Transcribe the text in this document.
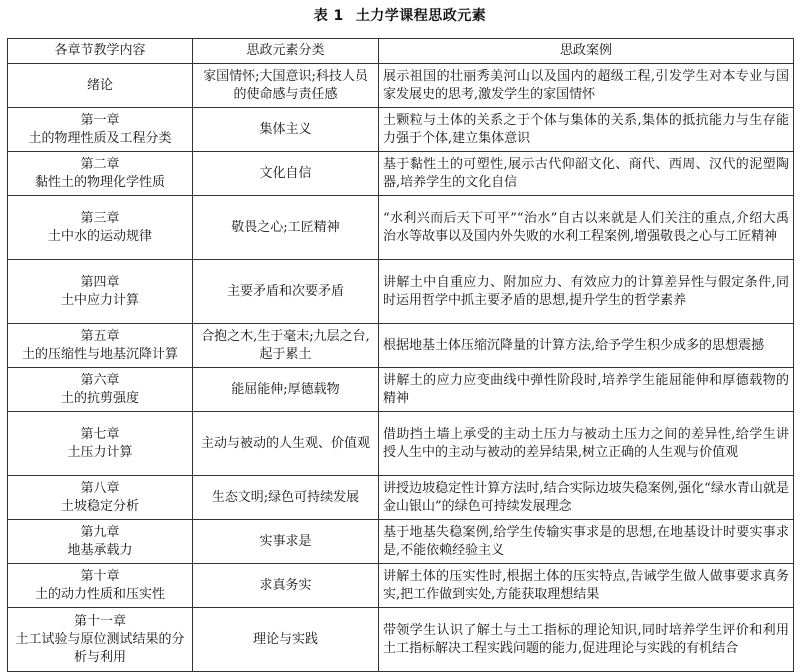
表 1 土力学课程思政元素
各章节教学内容	思政元素分类	思政案例

绪论	家国情怀;大国意识;科技人员的使命感与责任感	展示祖国的壮丽秀美河山以及国内的超级工程,引发学生对本专业与国家发展史的思考,激发学生的家国情怀

第一章
土的物理性质及工程分类	集体主义	土颗粒与土体的关系之于个体与集体的关系,集体的抵抗能力与生存能力强于个体,建立集体意识

第二章
黏性土的物理化学性质	文化自信	基于黏性土的可塑性,展示古代仰韶文化、商代、西周、汉代的泥塑陶器,培养学生的文化自信

第三章
土中水的运动规律	敬畏之心;工匠精神	“水利兴而后天下可平”“治水”自古以来就是人们关注的重点,介绍大禹治水等故事以及国内外失败的水利工程案例,增强敬畏之心与工匠精神

第四章
土中应力计算	主要矛盾和次要矛盾	讲解土中自重应力、附加应力、有效应力的计算差异性与假定条件,同时运用哲学中抓主要矛盾的思想,提升学生的哲学素养

第五章
土的压缩性与地基沉降计算	合抱之木,生于毫末;九层之台,起于累土	根据地基土体压缩沉降量的计算方法,给予学生积少成多的思想震撼

第六章
土的抗剪强度	能屈能伸;厚德载物	讲解土的应力应变曲线中弹性阶段时,培养学生能屈能伸和厚德载物的精神

第七章
土压力计算	主动与被动的人生观、价值观	借助挡土墙上承受的主动土压力与被动土压力之间的差异性,给学生讲授人生中的主动与被动的差异结果,树立正确的人生观与价值观

第八章
土坡稳定分析	生态文明;绿色可持续发展	讲授边坡稳定性计算方法时,结合实际边坡失稳案例,强化“绿水青山就是金山银山”的绿色可持续发展理念

第九章
地基承载力	实事求是	基于地基失稳案例,给学生传输实事求是的思想,在地基设计时要实事求是,不能依赖经验主义

第十章
土的动力性质和压实性	求真务实	讲解土体的压实性时,根据土体的压实特点,告诫学生做人做事要求真务实,把工作做到实处,方能获取理想结果

第十一章
土工试验与原位测试结果的分析与利用	理论与实践	带领学生认识了解土与土工指标的理论知识,同时培养学生评价和利用土工指标解决工程实践问题的能力,促进理论与实践的有机结合
